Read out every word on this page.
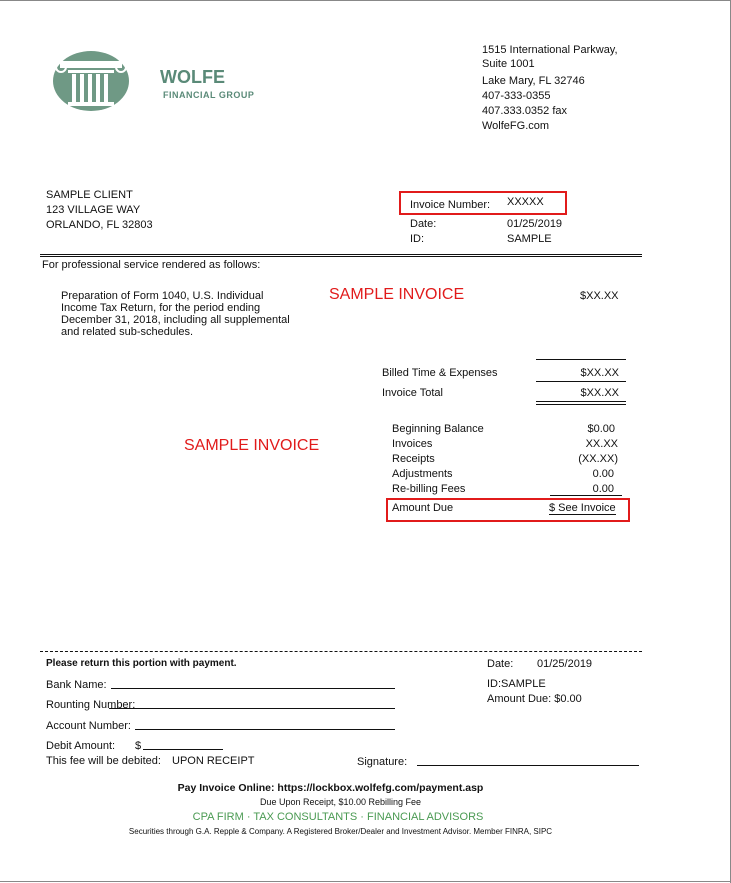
WOLFE
FINANCIAL GROUP
1515 International Parkway,
Suite 1001
Lake Mary, FL 32746
407-333-0355
407.333.0352 fax
WolfeFG.com
SAMPLE CLIENT
123 VILLAGE WAY
ORLANDO, FL 32803
Invoice Number: XXXXX
Date:	01/25/2019
ID:	SAMPLE
For professional service rendered as follows:
Preparation of Form 1040, U.S. Individual
Income Tax Return, for the period ending
December 31, 2018, including all supplemental
and related sub-schedules.
SAMPLE INVOICE	$XX.XX
Billed Time & Expenses	$XX.XX
Invoice Total	$XX.XX
SAMPLE INVOICE
Beginning Balance	$0.00
Invoices	XX.XX
Receipts	(XX.XX)
Adjustments	0.00
Re-billing Fees	0.00
Amount Due	$ See Invoice
Please return this portion with payment.
Bank Name:
Rounting Number:
Account Number:
Debit Amount: $
This fee will be debited: UPON RECEIPT	Signature:
Date: 01/25/2019
ID:SAMPLE
Amount Due: $0.00
Pay Invoice Online: https://lockbox.wolfefg.com/payment.asp
Due Upon Receipt, $10.00 Rebilling Fee
CPA FIRM · TAX CONSULTANTS · FINANCIAL ADVISORS
Securities through G.A. Repple & Company. A Registered Broker/Dealer and Investment Advisor. Member FINRA, SIPC
